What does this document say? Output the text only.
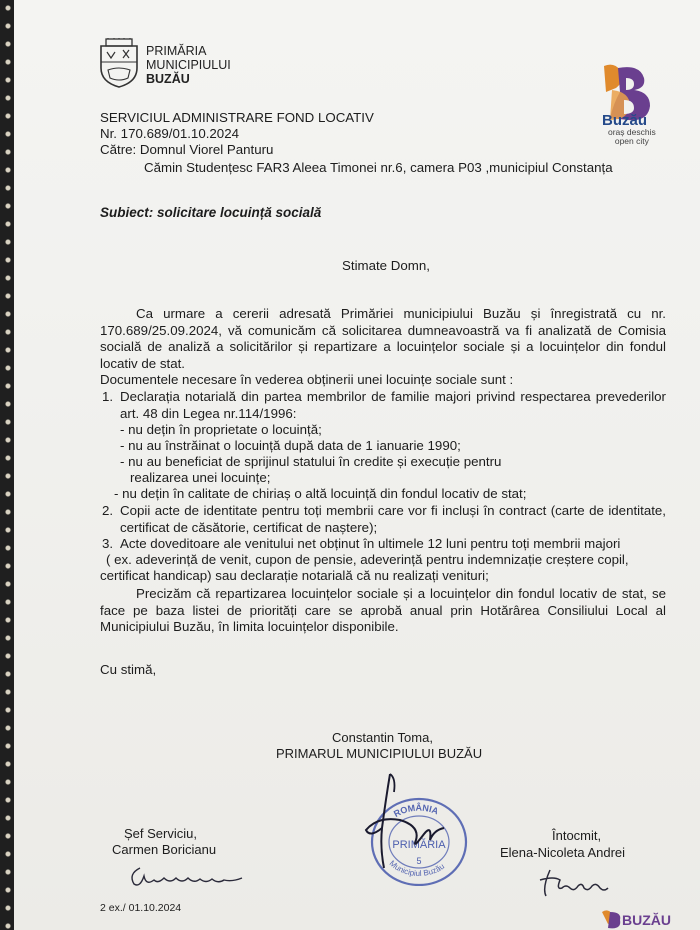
PRIMĂRIA
MUNICIPIULUI
BUZĂU
Buzău
oraș deschis
open city
SERVICIUL ADMINISTRARE FOND LOCATIV
Nr. 170.689/01.10.2024
Către: Domnul Viorel Panturu
Cămin Studențesc FAR3 Aleea Timonei nr.6, camera P03 ,municipiul Constanța
Subiect: solicitare locuință socială
Stimate Domn,
Ca urmare a cererii adresată Primăriei municipiului Buzău și înregistrată cu nr. 170.689/25.09.2024, vă comunicăm că solicitarea dumneavoastră va fi analizată de Comisia socială de analiză a solicitărilor și repartizare a locuințelor sociale și a locuințelor din fondul locativ de stat.
Documentele necesare în vederea obținerii unei locuințe sociale sunt :
1. Declarația notarială din partea membrilor de familie majori privind respectarea prevederilor art. 48 din Legea nr.114/1996:
- nu dețin în proprietate o locuință;
- nu au înstrăinat o locuință după data de 1 ianuarie 1990;
- nu au beneficiat de sprijinul statului în credite și execuție pentru
realizarea unei locuințe;
- nu dețin în calitate de chiriaș o altă locuință din fondul locativ de stat;
2. Copii acte de identitate pentru toți membrii care vor fi incluși în contract (carte de identitate, certificat de căsătorie, certificat de naștere);
3. Acte doveditoare ale venitului net obținut în ultimele 12 luni pentru toți membrii majori
( ex. adeverință de venit, cupon de pensie, adeverință pentru indemnizație creștere copil,
certificat handicap) sau declarație notarială că nu realizați venituri;
Precizăm că repartizarea locuințelor sociale și a locuințelor din fondul locativ de stat, se face pe baza listei de priorități care se aprobă anual prin Hotărârea Consiliului Local al Municipiului Buzău, în limita locuințelor disponibile.
Cu stimă,
Constantin Toma,
PRIMARUL MUNICIPIULUI BUZĂU
ROMÂNIA
Municipiul Buzău
PRIMĂRIA
5
Șef Serviciu,
Carmen Boricianu
Întocmit,
Elena-Nicoleta Andrei
2 ex./ 01.10.2024
BUZĂU
